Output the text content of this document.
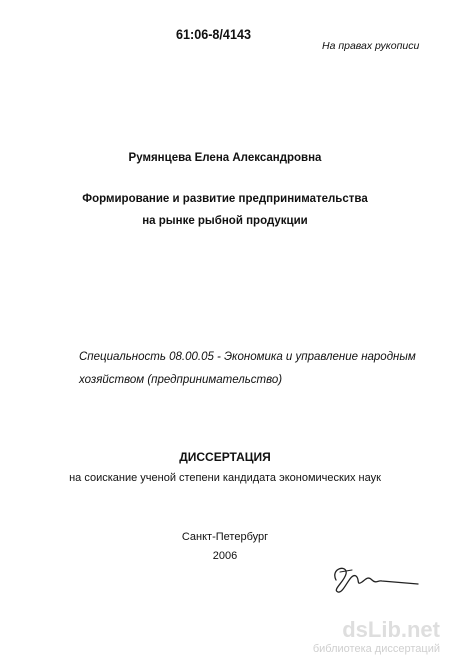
61:06-8/4143
На правах рукописи
Румянцева Елена Александровна
Формирование и развитие предпринимательства
на рынке рыбной продукции
Специальность 08.00.05 - Экономика и управление народным
хозяйством (предпринимательство)
ДИССЕРТАЦИЯ
на соискание ученой степени кандидата экономических наук
Санкт-Петербург
2006
dsLib.net
библиотека диссертаций
